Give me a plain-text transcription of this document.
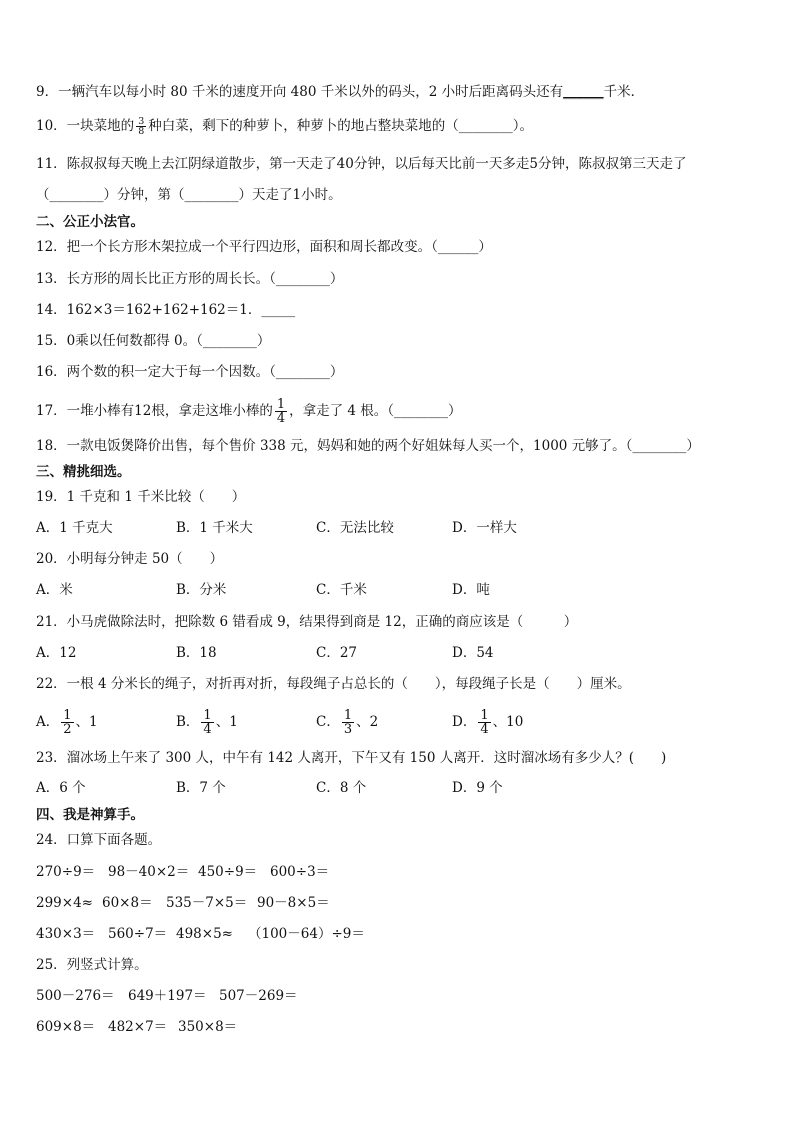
9．一辆汽车以每小时 80 千米的速度开向 480 千米以外的码头，2 小时后距离码头还有______千米．
10．一块菜地的 $\frac{3}{8}$ 种白菜，剩下的种萝卜，种萝卜的地占整块菜地的（________）。
11．陈叔叔每天晚上去江阴绿道散步，第一天走了40分钟，以后每天比前一天多走5分钟，陈叔叔第三天走了
（________）分钟，第（________）天走了1小时。
二、公正小法官。
12．把一个长方形木架拉成一个平行四边形，面积和周长都改变。（______）
13．长方形的周长比正方形的周长长。（________）
14．162×3＝162+162+162＝1．_____
15．0乘以任何数都得 0。（________）
16．两个数的积一定大于每一个因数。（________）
17．一堆小棒有12根，拿走这堆小棒的 $\frac{1}{4}$ ，拿走了 4 根。（________）
18．一款电饭煲降价出售，每个售价 338 元，妈妈和她的两个好姐妹每人买一个，1000 元够了。（________）
三、精挑细选。
19．1 千克和 1 千米比较（　　）
A．1 千克大	B．1 千米大	C．无法比较	D．一样大
20．小明每分钟走 50（　　）
A．米	B．分米	C．千米	D．吨
21．小马虎做除法时，把除数 6 错看成 9，结果得到商是 12，正确的商应该是（　　　）
A．12	B．18	C．27	D．54
22．一根 4 分米长的绳子，对折再对折，每段绳子占总长的（　　），每段绳子长是（　　）厘米。
A． $\frac{1}{2}$ 、1	B． $\frac{1}{4}$ 、1	C． $\frac{1}{3}$ 、2	D． $\frac{1}{4}$ 、10
23．溜冰场上午来了 300 人，中午有 142 人离开，下午又有 150 人离开．这时溜冰场有多少人？(　　)
A．6 个	B．7 个	C．8 个	D．9 个
四、我是神算手。
24．口算下面各题。
270÷9＝ 98－40×2＝ 450÷9＝ 600÷3＝
299×4≈ 60×8＝ 535－7×5＝ 90－8×5＝
430×3＝ 560÷7＝ 498×5≈ （100－64）÷9＝
25．列竖式计算。
500－276＝ 649＋197＝ 507－269＝
609×8＝ 482×7＝ 350×8＝
